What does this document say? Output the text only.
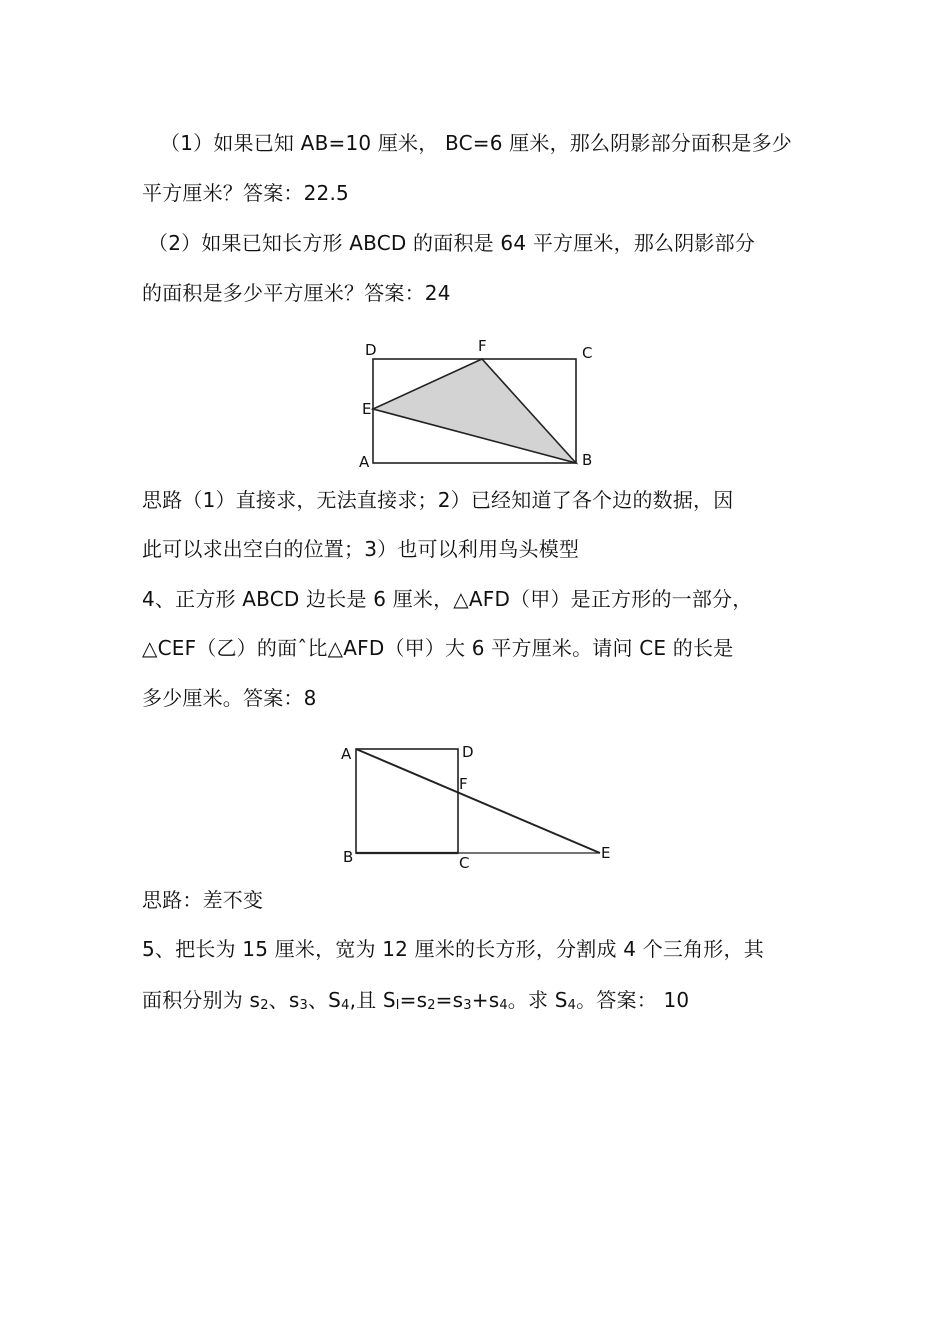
（1）如果已知 AB=10 厘米， BC=6 厘米，那么阴影部分面积是多少
平方厘米？答案：22.5
（2）如果已知长方形 ABCD 的面积是 64 平方厘米，那么阴影部分
的面积是多少平方厘米？答案：24
D	F	C
E
A	B
思路（1）直接求，无法直接求；2）已经知道了各个边的数据，因
此可以求出空白的位置；3）也可以利用鸟头模型
4、正方形 ABCD 边长是 6 厘米，△AFD（甲）是正方形的一部分，
△CEF（乙）的面ˆ比△AFD（甲）大 6 平方厘米。请问 CE 的长是
多少厘米。答案：8
A	D
F
B	C
E
思路：差不变
5、把长为 15 厘米，宽为 12 厘米的长方形，分割成 4 个三角形，其
面积分别为 $s_2$、$s_3$、$S_4$,且 $S_l=s_2=s_3+s_4$。求 $S_4$。答案： 10
